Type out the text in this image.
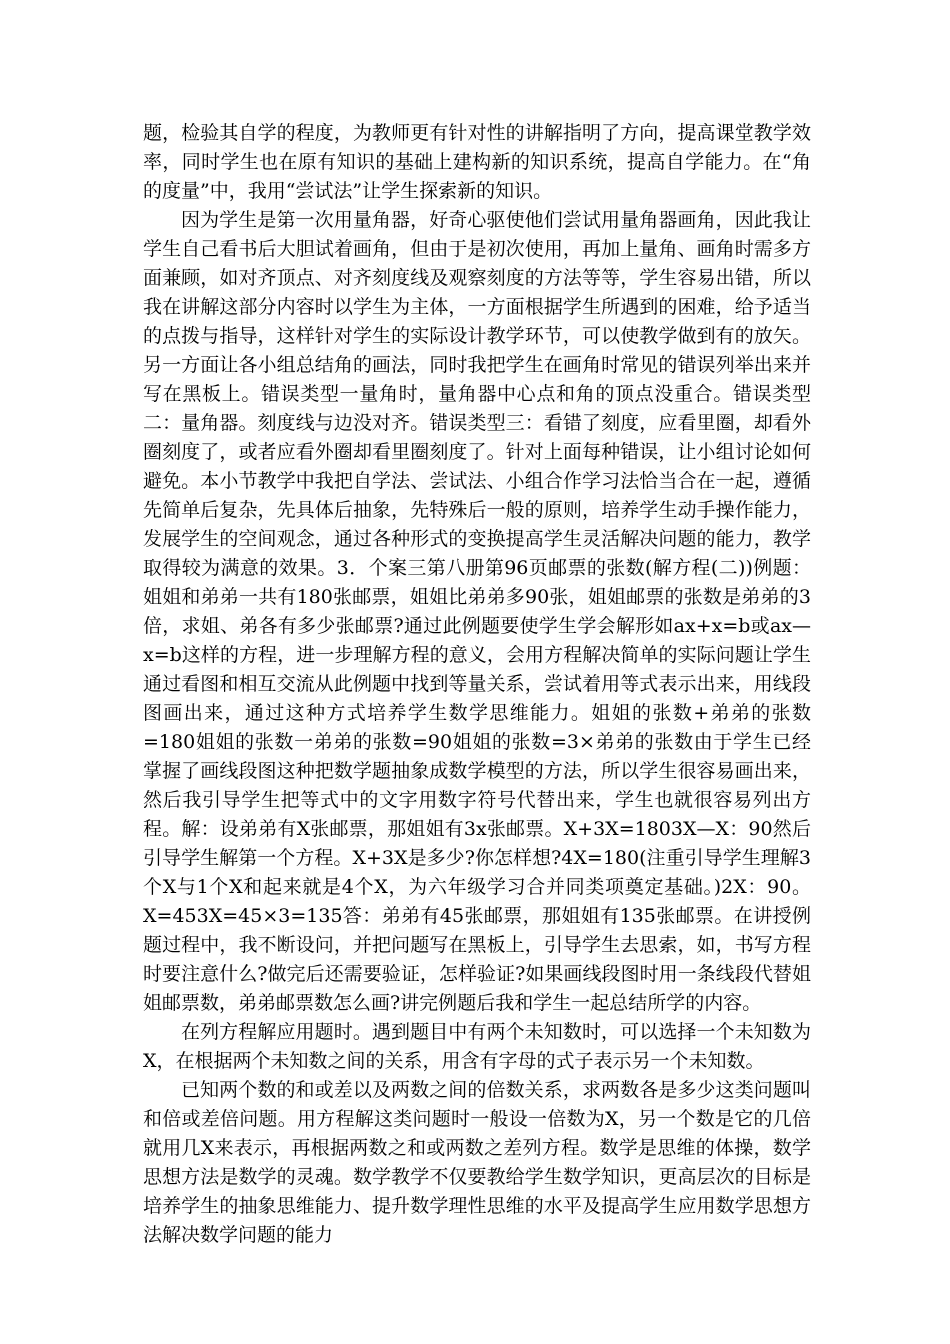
题，检验其自学的程度，为教师更有针对性的讲解指明了方向，提高课堂教学效率，同时学生也在原有知识的基础上建构新的知识系统，提高自学能力。在“角的度量”中，我用“尝试法”让学生探索新的知识。

因为学生是第一次用量角器，好奇心驱使他们尝试用量角器画角，因此我让学生自己看书后大胆试着画角，但由于是初次使用，再加上量角、画角时需多方面兼顾，如对齐顶点、对齐刻度线及观察刻度的方法等等，学生容易出错，所以我在讲解这部分内容时以学生为主体，一方面根据学生所遇到的困难，给予适当的点拨与指导，这样针对学生的实际设计教学环节，可以使教学做到有的放矢。另一方面让各小组总结角的画法，同时我把学生在画角时常见的错误列举出来并写在黑板上。错误类型一量角时，量角器中心点和角的顶点没重合。错误类型二：量角器。刻度线与边没对齐。错误类型三：看错了刻度，应看里圈，却看外圈刻度了，或者应看外圈却看里圈刻度了。针对上面每种错误，让小组讨论如何避免。本小节教学中我把自学法、尝试法、小组合作学习法恰当合在一起，遵循先简单后复杂，先具体后抽象，先特殊后一般的原则，培养学生动手操作能力，发展学生的空间观念，通过各种形式的变换提高学生灵活解决问题的能力，教学取得较为满意的效果。3．个案三第八册第96页邮票的张数(解方程(二))例题：姐姐和弟弟一共有180张邮票，姐姐比弟弟多90张，姐姐邮票的张数是弟弟的3倍，求姐、弟各有多少张邮票?通过此例题要使学生学会解形如ax+x=b或ax—x=b这样的方程，进一步理解方程的意义，会用方程解决简单的实际问题让学生通过看图和相互交流从此例题中找到等量关系，尝试着用等式表示出来，用线段图画出来，通过这种方式培养学生数学思维能力。姐姐的张数+弟弟的张数=180姐姐的张数一弟弟的张数=90姐姐的张数=3×弟弟的张数由于学生已经掌握了画线段图这种把数学题抽象成数学模型的方法，所以学生很容易画出来，然后我引导学生把等式中的文字用数字符号代替出来，学生也就很容易列出方程。解：设弟弟有X张邮票，那姐姐有3x张邮票。X+3X=1803X—X：90然后引导学生解第一个方程。X+3X是多少?你怎样想?4X=180(注重引导学生理解3个X与1个X和起来就是4个X，为六年级学习合并同类项奠定基础。)2X：90。X=453X=45×3=135答：弟弟有45张邮票，那姐姐有135张邮票。在讲授例题过程中，我不断设问，并把问题写在黑板上，引导学生去思索，如，书写方程时要注意什么?做完后还需要验证，怎样验证?如果画线段图时用一条线段代替姐姐邮票数，弟弟邮票数怎么画?讲完例题后我和学生一起总结所学的内容。

在列方程解应用题时。遇到题目中有两个未知数时，可以选择一个未知数为X，在根据两个未知数之间的关系，用含有字母的式子表示另一个未知数。

已知两个数的和或差以及两数之间的倍数关系，求两数各是多少这类问题叫和倍或差倍问题。用方程解这类问题时一般设一倍数为X，另一个数是它的几倍就用几X来表示，再根据两数之和或两数之差列方程。数学是思维的体操，数学思想方法是数学的灵魂。数学教学不仅要教给学生数学知识，更高层次的目标是培养学生的抽象思维能力、提升数学理性思维的水平及提高学生应用数学思想方法解决数学问题的能力
